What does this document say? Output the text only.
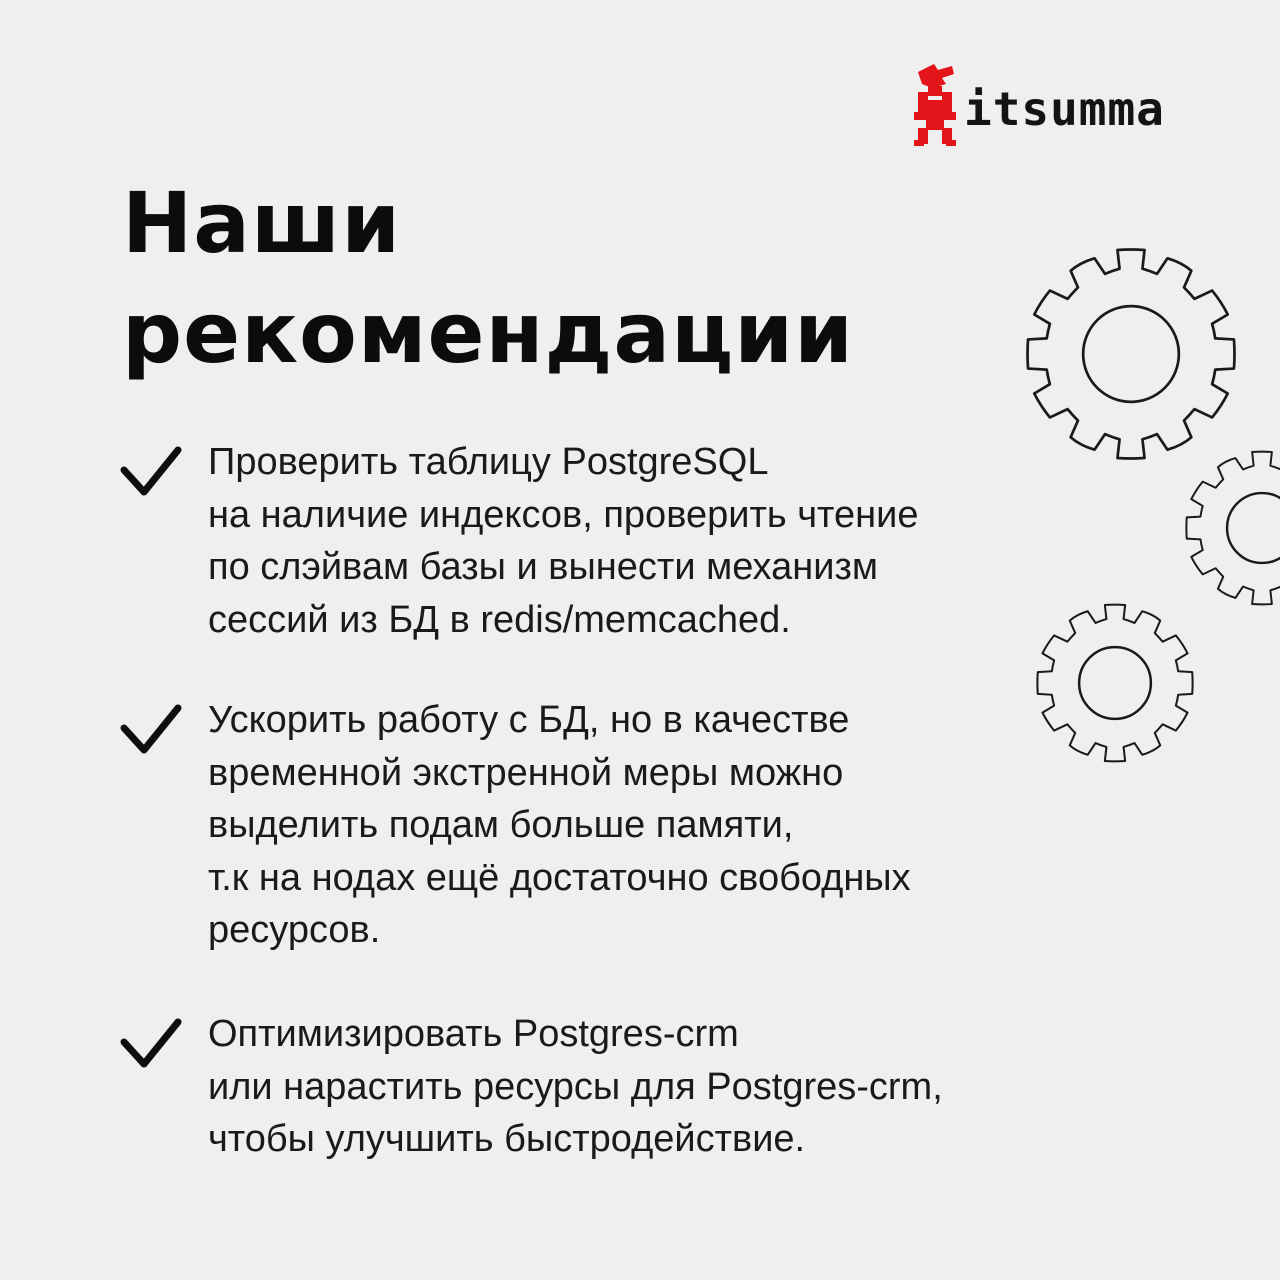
itsumma
Наши
рекомендации

Проверить таблицу PostgreSQL
на наличие индексов, проверить чтение
по слэйвам базы и вынести механизм
сессий из БД в redis/memcached.

Ускорить работу с БД, но в качестве
временной экстренной меры можно
выделить подам больше памяти,
т.к на нодах ещё достаточно свободных
ресурсов.

Оптимизировать Postgres-crm
или нарастить ресурсы для Postgres-crm,
чтобы улучшить быстродействие.
